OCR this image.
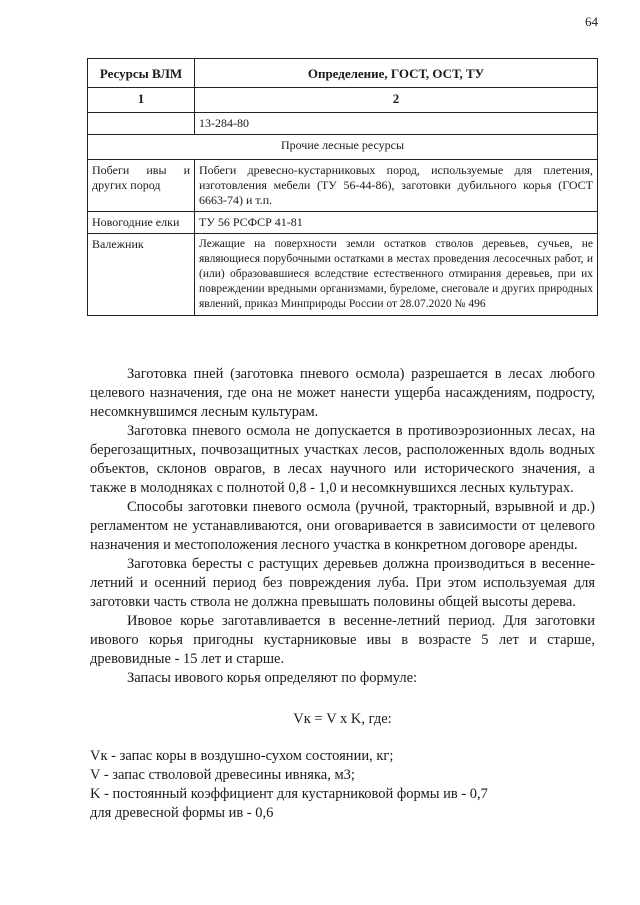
64
Ресурсы ВЛМ	Определение, ГОСТ, ОСТ, ТУ
1	2
	13-284-80
Прочие лесные ресурсы	
Побеги ивы и других пород	Побеги древесно-кустарниковых пород, используемые для плетения, изготовления мебели (ТУ 56-44-86), заготовки дубильного корья (ГОСТ 6663-74) и т.п.
Новогодние елки	ТУ 56 РСФСР 41-81
Валежник	Лежащие на поверхности земли остатков стволов деревьев, сучьев, не являющиеся порубочными остатками в местах проведения лесосечных работ, и (или) образовавшиеся вследствие естественного отмирания деревьев, при их повреждении вредными организмами, буреломе, снеговале и других природных явлений, приказ Минприроды России от 28.07.2020 № 496

Заготовка пней (заготовка пневого осмола) разрешается в лесах любого целевого назначения, где она не может нанести ущерба насаждениям, подросту, несомкнувшимся лесным культурам.

Заготовка пневого осмола не допускается в противоэрозионных лесах, на берегозащитных, почвозащитных участках лесов, расположенных вдоль водных объектов, склонов оврагов, в лесах научного или исторического значения, а также в молодняках с полнотой 0,8 - 1,0 и несомкнувшихся лесных культурах.

Способы заготовки пневого осмола (ручной, тракторный, взрывной и др.) регламентом не устанавливаются, они оговаривается в зависимости от целевого назначения и местоположения лесного участка в конкретном договоре аренды.

Заготовка бересты с растущих деревьев должна производиться в весенне-летний и осенний период без повреждения луба. При этом используемая для заготовки часть ствола не должна превышать половины общей высоты дерева.

Ивовое корье заготавливается в весенне-летний период. Для заготовки ивового корья пригодны кустарниковые ивы в возрасте 5 лет и старше, древовидные - 15 лет и старше.

Запасы ивового корья определяют по формуле:

Vк = V x K, где:

Vк - запас коры в воздушно-сухом состоянии, кг;

V - запас стволовой древесины ивняка, м3;

K - постоянный коэффициент для кустарниковой формы ив - 0,7

для древесной формы ив - 0,6
